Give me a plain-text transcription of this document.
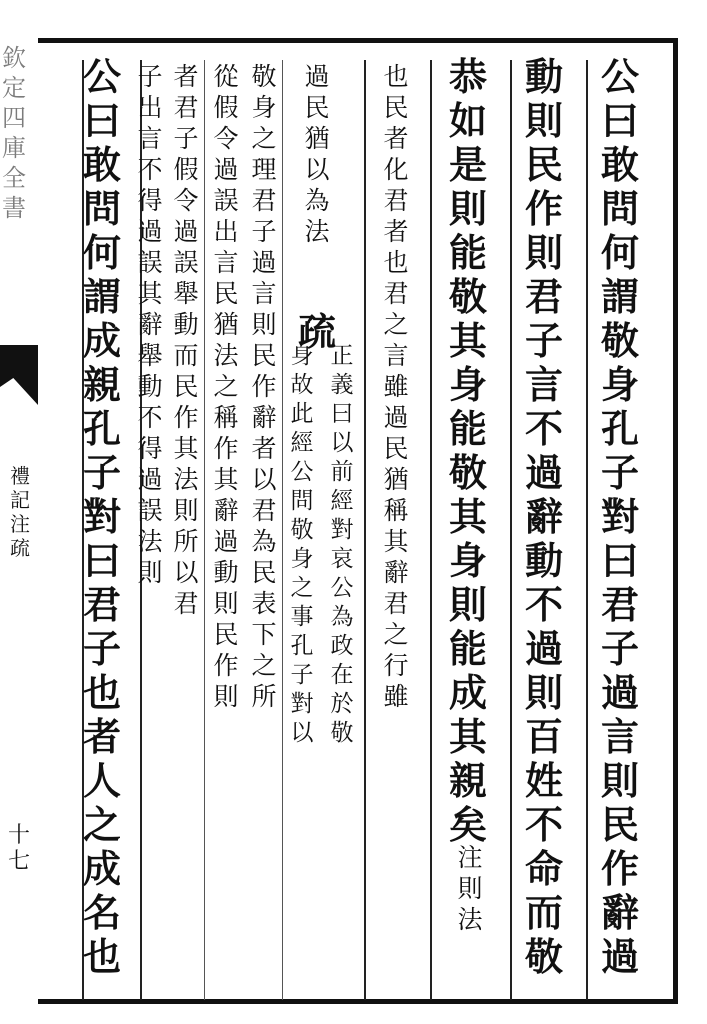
欽
定
四
庫
全
書
禮
記
注
疏
十
七
公
曰
敢
問
何
謂
敬
身
孔
子
對
曰
君
子
過
言
則
民
作
辭
過
動
則
民
作
則
君
子
言
不
過
辭
動
不
過
則
百
姓
不
命
而
敬
恭
如
是
則
能
敬
其
身
能
敬
其
身
則
能
成
其
親
矣
注
則
法
也
民
者
化
君
者
也
君
之
言
雖
過
民
猶
稱
其
辭
君
之
行
雖
過
民
猶
以
為
法
疏
身
故
此
經
公
問
敬
身
之
事
孔
子
對
以
正
義
曰
以
前
經
對
哀
公
為
政
在
於
敬
敬
身
之
理
君
子
過
言
則
民
作
辭
者
以
君
為
民
表
下
之
所
從
假
令
過
誤
出
言
民
猶
法
之
稱
作
其
辭
過
動
則
民
作
則
者
君
子
假
令
過
誤
舉
動
而
民
作
其
法
則
所
以
君
子
出
言
不
得
過
誤
其
辭
舉
動
不
得
過
誤
法
則
公
曰
敢
問
何
謂
成
親
孔
子
對
曰
君
子
也
者
人
之
成
名
也
